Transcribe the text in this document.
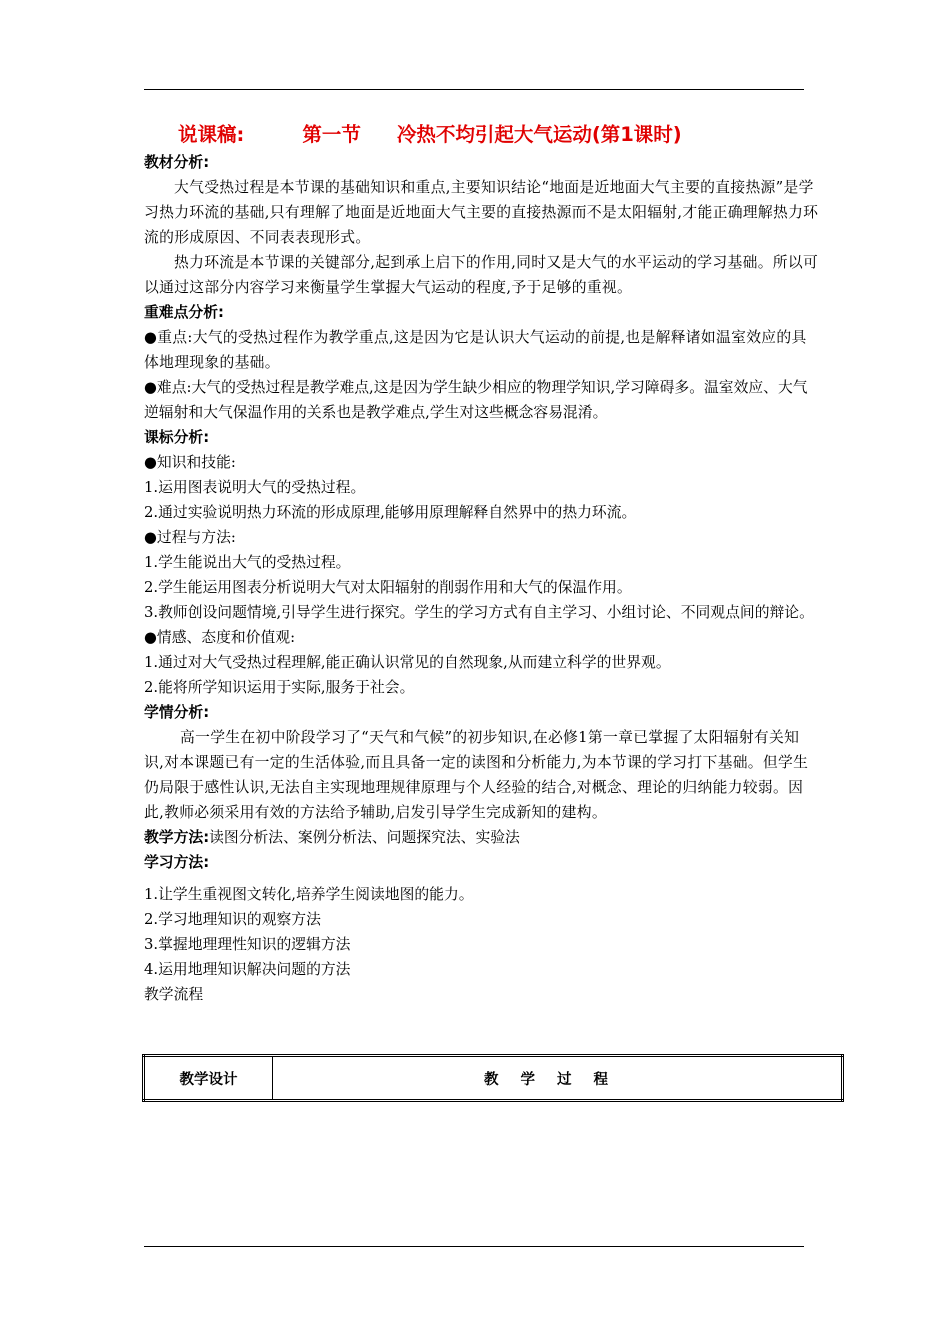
说课稿:	第一节 冷热不均引起大气运动(第1课时)

教材分析:

大气受热过程是本节课的基础知识和重点,主要知识结论“地面是近地面大气主要的直接热源”是学习热力环流的基础,只有理解了地面是近地面大气主要的直接热源而不是太阳辐射,才能正确理解热力环流的形成原因、不同表表现形式。

热力环流是本节课的关键部分,起到承上启下的作用,同时又是大气的水平运动的学习基础。所以可以通过这部分内容学习来衡量学生掌握大气运动的程度,予于足够的重视。

重难点分析:

●重点:大气的受热过程作为教学重点,这是因为它是认识大气运动的前提,也是解释诸如温室效应的具体地理现象的基础。

●难点:大气的受热过程是教学难点,这是因为学生缺少相应的物理学知识,学习障碍多。温室效应、大气逆辐射和大气保温作用的关系也是教学难点,学生对这些概念容易混淆。

课标分析:

●知识和技能:

1.运用图表说明大气的受热过程。

2.通过实验说明热力环流的形成原理,能够用原理解释自然界中的热力环流。

●过程与方法:

1.学生能说出大气的受热过程。

2.学生能运用图表分析说明大气对太阳辐射的削弱作用和大气的保温作用。

3.教师创设问题情境,引导学生进行探究。学生的学习方式有自主学习、小组讨论、不同观点间的辩论。

●情感、态度和价值观:

1.通过对大气受热过程理解,能正确认识常见的自然现象,从而建立科学的世界观。

2.能将所学知识运用于实际,服务于社会。

学情分析:

高一学生在初中阶段学习了“天气和气候”的初步知识,在必修1第一章已掌握了太阳辐射有关知识,对本课题已有一定的生活体验,而且具备一定的读图和分析能力,为本节课的学习打下基础。但学生仍局限于感性认识,无法自主实现地理规律原理与个人经验的结合,对概念、理论的归纳能力较弱。因此,教师必须采用有效的方法给予辅助,启发引导学生完成新知的建构。

教学方法:读图分析法、案例分析法、问题探究法、实验法

学习方法:

1.让学生重视图文转化,培养学生阅读地图的能力。

2.学习地理知识的观察方法

3.掌握地理理性知识的逻辑方法

4.运用地理知识解决问题的方法

教学流程

教学设计	教学过程
